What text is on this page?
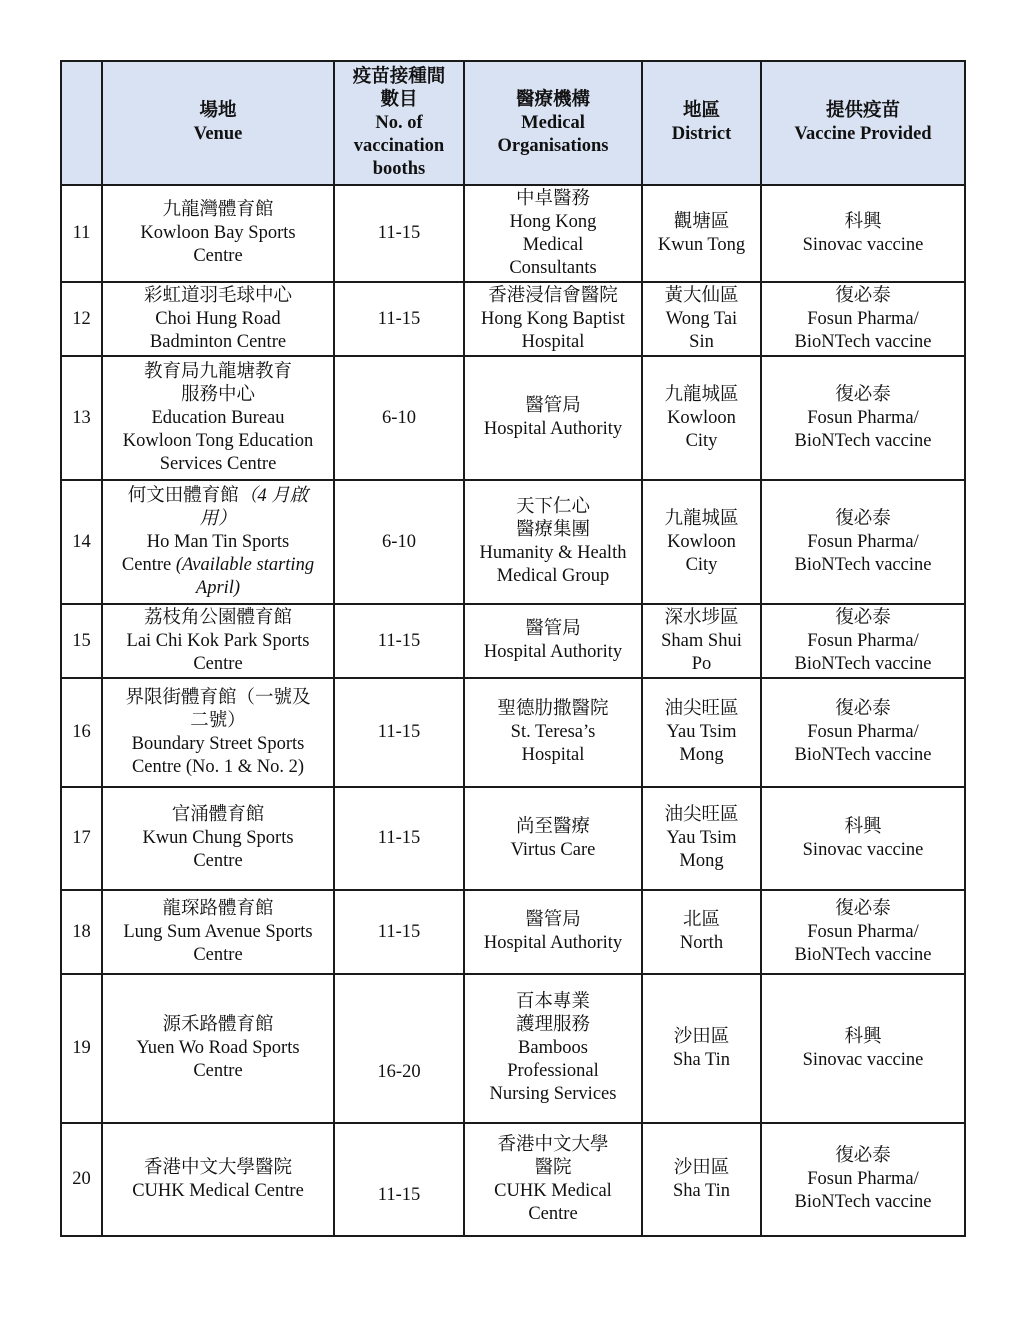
	場地
Venue	疫苗接種間
數目
No. of
vaccination
booths	醫療機構
Medical
Organisations	地區
District	提供疫苗
Vaccine Provided

11	九龍灣體育館
Kowloon Bay Sports
Centre	11-15	中卓醫務
Hong Kong
Medical
Consultants	觀塘區
Kwun Tong	科興
Sinovac vaccine

12	彩虹道羽毛球中心
Choi Hung Road
Badminton Centre	11-15	香港浸信會醫院
Hong Kong Baptist
Hospital	黃大仙區
Wong Tai
Sin	復必泰
Fosun Pharma/
BioNTech vaccine

13	教育局九龍塘教育
服務中心
Education Bureau
Kowloon Tong Education
Services Centre	6-10	醫管局
Hospital Authority	九龍城區
Kowloon
City	復必泰
Fosun Pharma/
BioNTech vaccine

14	何文田體育館（4 月啟
用）
Ho Man Tin Sports
Centre (Available starting
April)	6-10	天下仁心
醫療集團
Humanity & Health
Medical Group	九龍城區
Kowloon
City	復必泰
Fosun Pharma/
BioNTech vaccine

15	荔枝角公園體育館
Lai Chi Kok Park Sports
Centre	11-15	醫管局
Hospital Authority	深水埗區
Sham Shui
Po	復必泰
Fosun Pharma/
BioNTech vaccine

16	界限街體育館（一號及
二號）
Boundary Street Sports
Centre (No. 1 & No. 2)	11-15	聖德肋撒醫院
St. Teresa’s
Hospital	油尖旺區
Yau Tsim
Mong	復必泰
Fosun Pharma/
BioNTech vaccine

17	官涌體育館
Kwun Chung Sports
Centre	11-15	尚至醫療
Virtus Care	油尖旺區
Yau Tsim
Mong	科興
Sinovac vaccine

18	龍琛路體育館
Lung Sum Avenue Sports
Centre	11-15	醫管局
Hospital Authority	北區
North	復必泰
Fosun Pharma/
BioNTech vaccine

19	源禾路體育館
Yuen Wo Road Sports
Centre	16-20	百本專業
護理服務
Bamboos
Professional
Nursing Services	沙田區
Sha Tin	科興
Sinovac vaccine

20	香港中文大學醫院
CUHK Medical Centre	11-15	香港中文大學
醫院
CUHK Medical
Centre	沙田區
Sha Tin	復必泰
Fosun Pharma/
BioNTech vaccine
